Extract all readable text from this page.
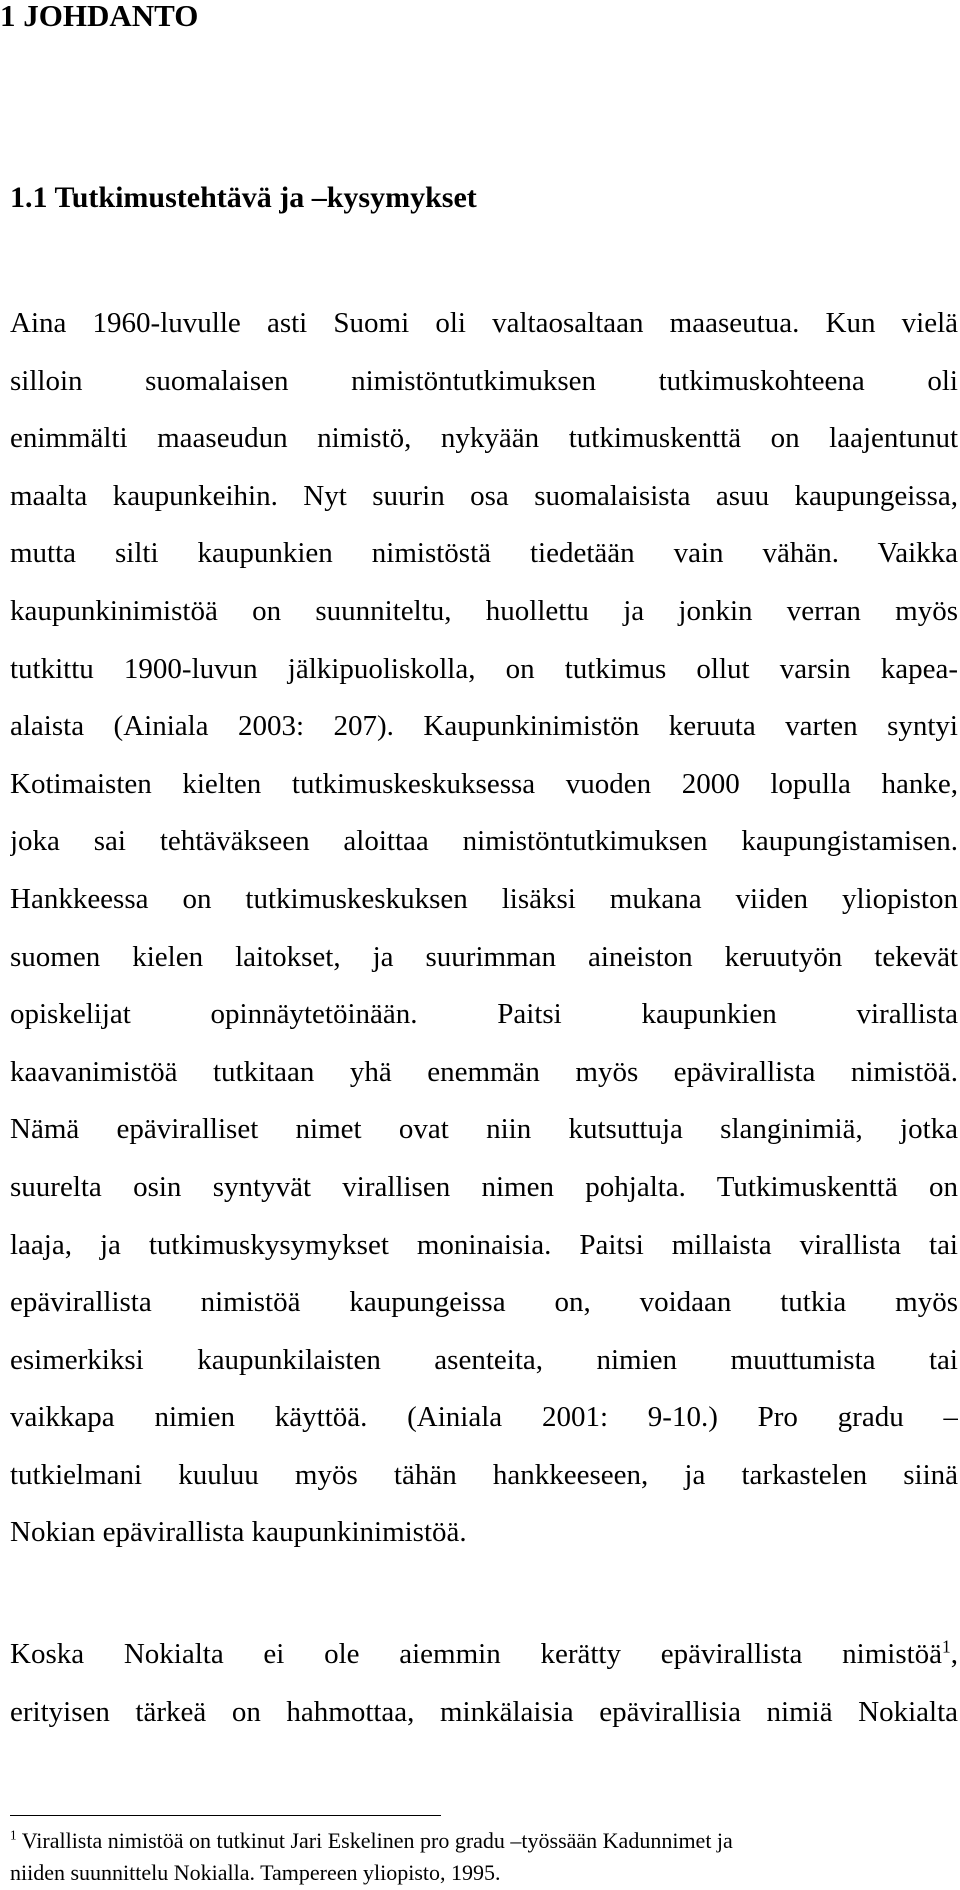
1 JOHDANTO
1.1 Tutkimustehtävä ja –kysymykset
Aina 1960-luvulle asti Suomi oli valtaosaltaan maaseutua. Kun vielä
silloin suomalaisen nimistöntutkimuksen tutkimuskohteena oli
enimmälti maaseudun nimistö, nykyään tutkimuskenttä on laajentunut
maalta kaupunkeihin. Nyt suurin osa suomalaisista asuu kaupungeissa,
mutta silti kaupunkien nimistöstä tiedetään vain vähän. Vaikka
kaupunkinimistöä on suunniteltu, huollettu ja jonkin verran myös
tutkittu 1900-luvun jälkipuoliskolla, on tutkimus ollut varsin kapea-
alaista (Ainiala 2003: 207). Kaupunkinimistön keruuta varten syntyi
Kotimaisten kielten tutkimuskeskuksessa vuoden 2000 lopulla hanke,
joka sai tehtäväkseen aloittaa nimistöntutkimuksen kaupungistamisen.
Hankkeessa on tutkimuskeskuksen lisäksi mukana viiden yliopiston
suomen kielen laitokset, ja suurimman aineiston keruutyön tekevät
opiskelijat opinnäytetöinään. Paitsi kaupunkien virallista
kaavanimistöä tutkitaan yhä enemmän myös epävirallista nimistöä.
Nämä epäviralliset nimet ovat niin kutsuttuja slanginimiä, jotka
suurelta osin syntyvät virallisen nimen pohjalta. Tutkimuskenttä on
laaja, ja tutkimuskysymykset moninaisia. Paitsi millaista virallista tai
epävirallista nimistöä kaupungeissa on, voidaan tutkia myös
esimerkiksi kaupunkilaisten asenteita, nimien muuttumista tai
vaikkapa nimien käyttöä. (Ainiala 2001: 9-10.) Pro gradu –
tutkielmani kuuluu myös tähän hankkeeseen, ja tarkastelen siinä
Nokian epävirallista kaupunkinimistöä.
Koska Nokialta ei ole aiemmin kerätty epävirallista nimistöä$^1$,
erityisen tärkeä on hahmottaa, minkälaisia epävirallisia nimiä Nokialta
$^1$ Virallista nimistöä on tutkinut Jari Eskelinen pro gradu –työssään Kadunnimet ja
niiden suunnittelu Nokialla. Tampereen yliopisto, 1995.
